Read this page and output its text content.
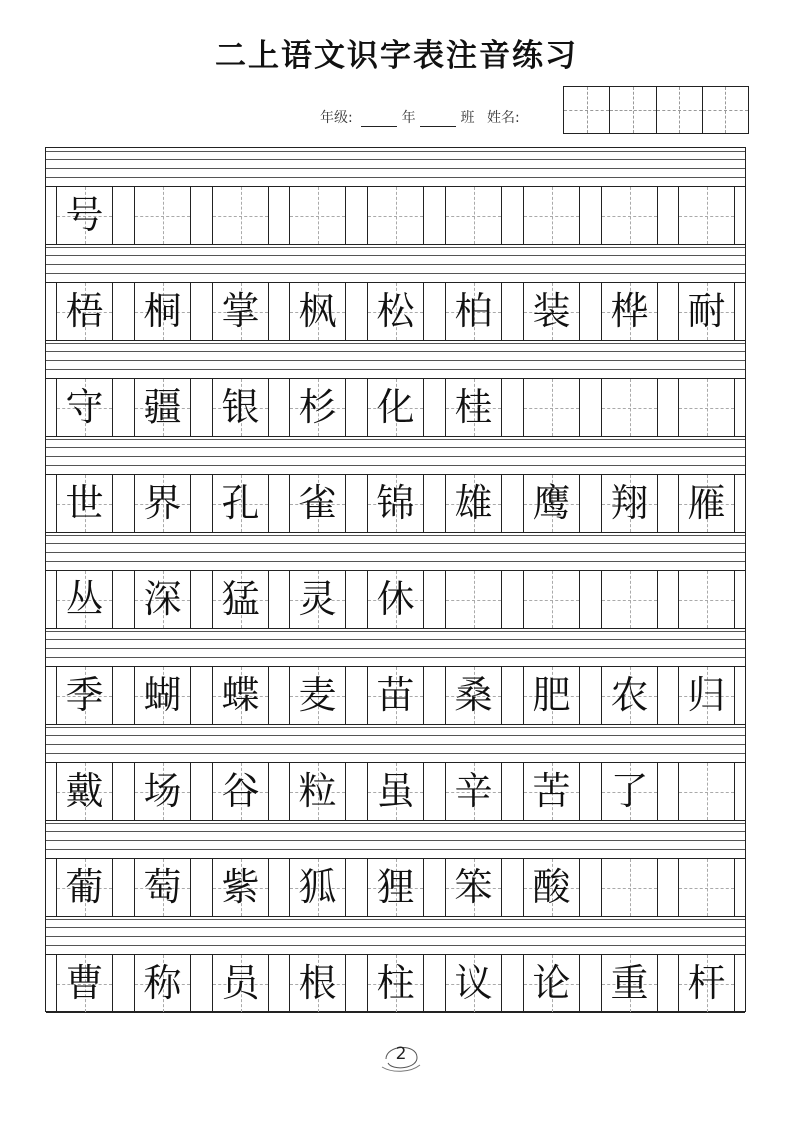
二上语文识字表注音练习
年级:	年	班 姓名:
号
梧 桐 掌 枫 松 柏 装 桦 耐
守 疆 银 杉 化 桂
世 界 孔 雀 锦 雄 鹰 翔 雁
丛 深 猛 灵 休
季 蝴 蝶 麦 苗 桑 肥 农 归
戴 场 谷 粒 虽 辛 苦 了
葡 萄 紫 狐 狸 笨 酸
曹 称 员 根 柱 议 论 重 杆
2
